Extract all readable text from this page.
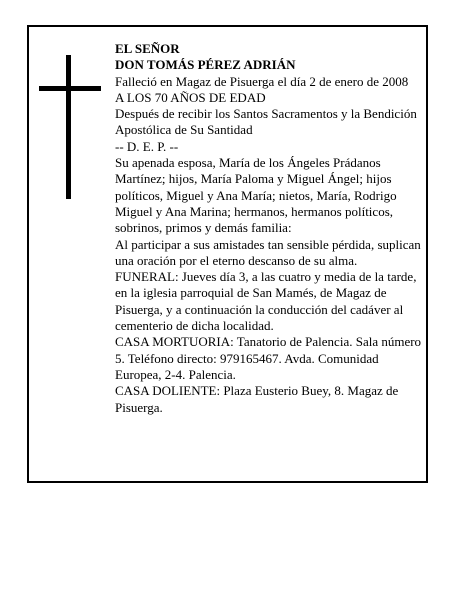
EL SEÑOR

DON TOMÁS PÉREZ ADRIÁN

Falleció en Magaz de Pisuerga el día 2 de enero de 2008

A LOS 70 AÑOS DE EDAD

Después de recibir los Santos Sacramentos y la Bendición Apostólica de Su Santidad

-- D. E. P. --

Su apenada esposa, María de los Ángeles Prádanos Martínez; hijos, María Paloma y Miguel Ángel; hijos políticos, Miguel y Ana María; nietos, María, Rodrigo Miguel y Ana Marina; hermanos, hermanos políticos, sobrinos, primos y demás familia:

Al participar a sus amistades tan sensible pérdida, suplican una oración por el eterno descanso de su alma.

FUNERAL: Jueves día 3, a las cuatro y media de la tarde, en la iglesia parroquial de San Mamés, de Magaz de Pisuerga, y a continuación la conducción del cadáver al cementerio de dicha localidad.

CASA MORTUORIA: Tanatorio de Palencia. Sala número 5. Teléfono directo: 979165467. Avda. Comunidad Europea, 2-4. Palencia.

CASA DOLIENTE: Plaza Eusterio Buey, 8. Magaz de Pisuerga.
